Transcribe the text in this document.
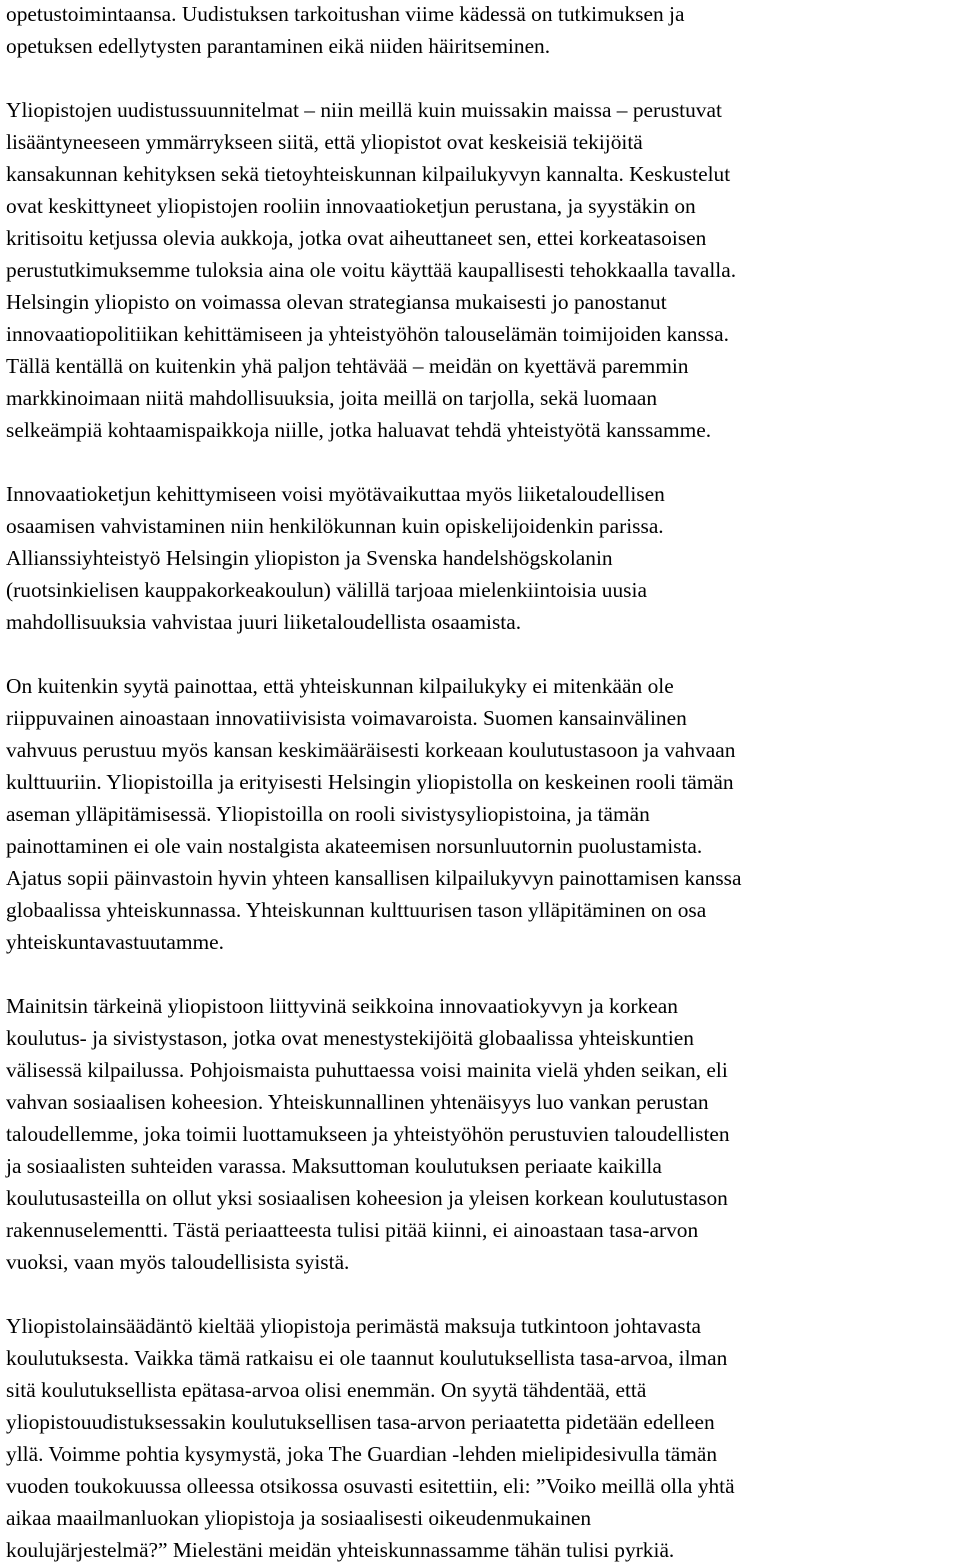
opetustoimintaansa. Uudistuksen tarkoitushan viime kädessä on tutkimuksen ja
opetuksen edellytysten parantaminen eikä niiden häiritseminen.

Yliopistojen uudistussuunnitelmat – niin meillä kuin muissakin maissa – perustuvat
lisääntyneeseen ymmärrykseen siitä, että yliopistot ovat keskeisiä tekijöitä
kansakunnan kehityksen sekä tietoyhteiskunnan kilpailukyvyn kannalta. Keskustelut
ovat keskittyneet yliopistojen rooliin innovaatioketjun perustana, ja syystäkin on
kritisoitu ketjussa olevia aukkoja, jotka ovat aiheuttaneet sen, ettei korkeatasoisen
perustutkimuksemme tuloksia aina ole voitu käyttää kaupallisesti tehokkaalla tavalla.
Helsingin yliopisto on voimassa olevan strategiansa mukaisesti jo panostanut
innovaatiopolitiikan kehittämiseen ja yhteistyöhön talouselämän toimijoiden kanssa.
Tällä kentällä on kuitenkin yhä paljon tehtävää – meidän on kyettävä paremmin
markkinoimaan niitä mahdollisuuksia, joita meillä on tarjolla, sekä luomaan
selkeämpiä kohtaamispaikkoja niille, jotka haluavat tehdä yhteistyötä kanssamme.

Innovaatioketjun kehittymiseen voisi myötävaikuttaa myös liiketaloudellisen
osaamisen vahvistaminen niin henkilökunnan kuin opiskelijoidenkin parissa.
Allianssiyhteistyö Helsingin yliopiston ja Svenska handelshögskolanin
(ruotsinkielisen kauppakorkeakoulun) välillä tarjoaa mielenkiintoisia uusia
mahdollisuuksia vahvistaa juuri liiketaloudellista osaamista.

On kuitenkin syytä painottaa, että yhteiskunnan kilpailukyky ei mitenkään ole
riippuvainen ainoastaan innovatiivisista voimavaroista. Suomen kansainvälinen
vahvuus perustuu myös kansan keskimääräisesti korkeaan koulutustasoon ja vahvaan
kulttuuriin. Yliopistoilla ja erityisesti Helsingin yliopistolla on keskeinen rooli tämän
aseman ylläpitämisessä. Yliopistoilla on rooli sivistysyliopistoina, ja tämän
painottaminen ei ole vain nostalgista akateemisen norsunluutornin puolustamista.
Ajatus sopii päinvastoin hyvin yhteen kansallisen kilpailukyvyn painottamisen kanssa
globaalissa yhteiskunnassa. Yhteiskunnan kulttuurisen tason ylläpitäminen on osa
yhteiskuntavastuutamme.

Mainitsin tärkeinä yliopistoon liittyvinä seikkoina innovaatiokyvyn ja korkean
koulutus- ja sivistystason, jotka ovat menestystekijöitä globaalissa yhteiskuntien
välisessä kilpailussa. Pohjoismaista puhuttaessa voisi mainita vielä yhden seikan, eli
vahvan sosiaalisen koheesion. Yhteiskunnallinen yhtenäisyys luo vankan perustan
taloudellemme, joka toimii luottamukseen ja yhteistyöhön perustuvien taloudellisten
ja sosiaalisten suhteiden varassa. Maksuttoman koulutuksen periaate kaikilla
koulutusasteilla on ollut yksi sosiaalisen koheesion ja yleisen korkean koulutustason
rakennuselementti. Tästä periaatteesta tulisi pitää kiinni, ei ainoastaan tasa-arvon
vuoksi, vaan myös taloudellisista syistä.

Yliopistolainsäädäntö kieltää yliopistoja perimästä maksuja tutkintoon johtavasta
koulutuksesta. Vaikka tämä ratkaisu ei ole taannut koulutuksellista tasa-arvoa, ilman
sitä koulutuksellista epätasa-arvoa olisi enemmän. On syytä tähdentää, että
yliopistouudistuksessakin koulutuksellisen tasa-arvon periaatetta pidetään edelleen
yllä. Voimme pohtia kysymystä, joka The Guardian -lehden mielipidesivulla tämän
vuoden toukokuussa olleessa otsikossa osuvasti esitettiin, eli: ”Voiko meillä olla yhtä
aikaa maailmanluokan yliopistoja ja sosiaalisesti oikeudenmukainen
koulujärjestelmä?” Mielestäni meidän yhteiskunnassamme tähän tulisi pyrkiä.
